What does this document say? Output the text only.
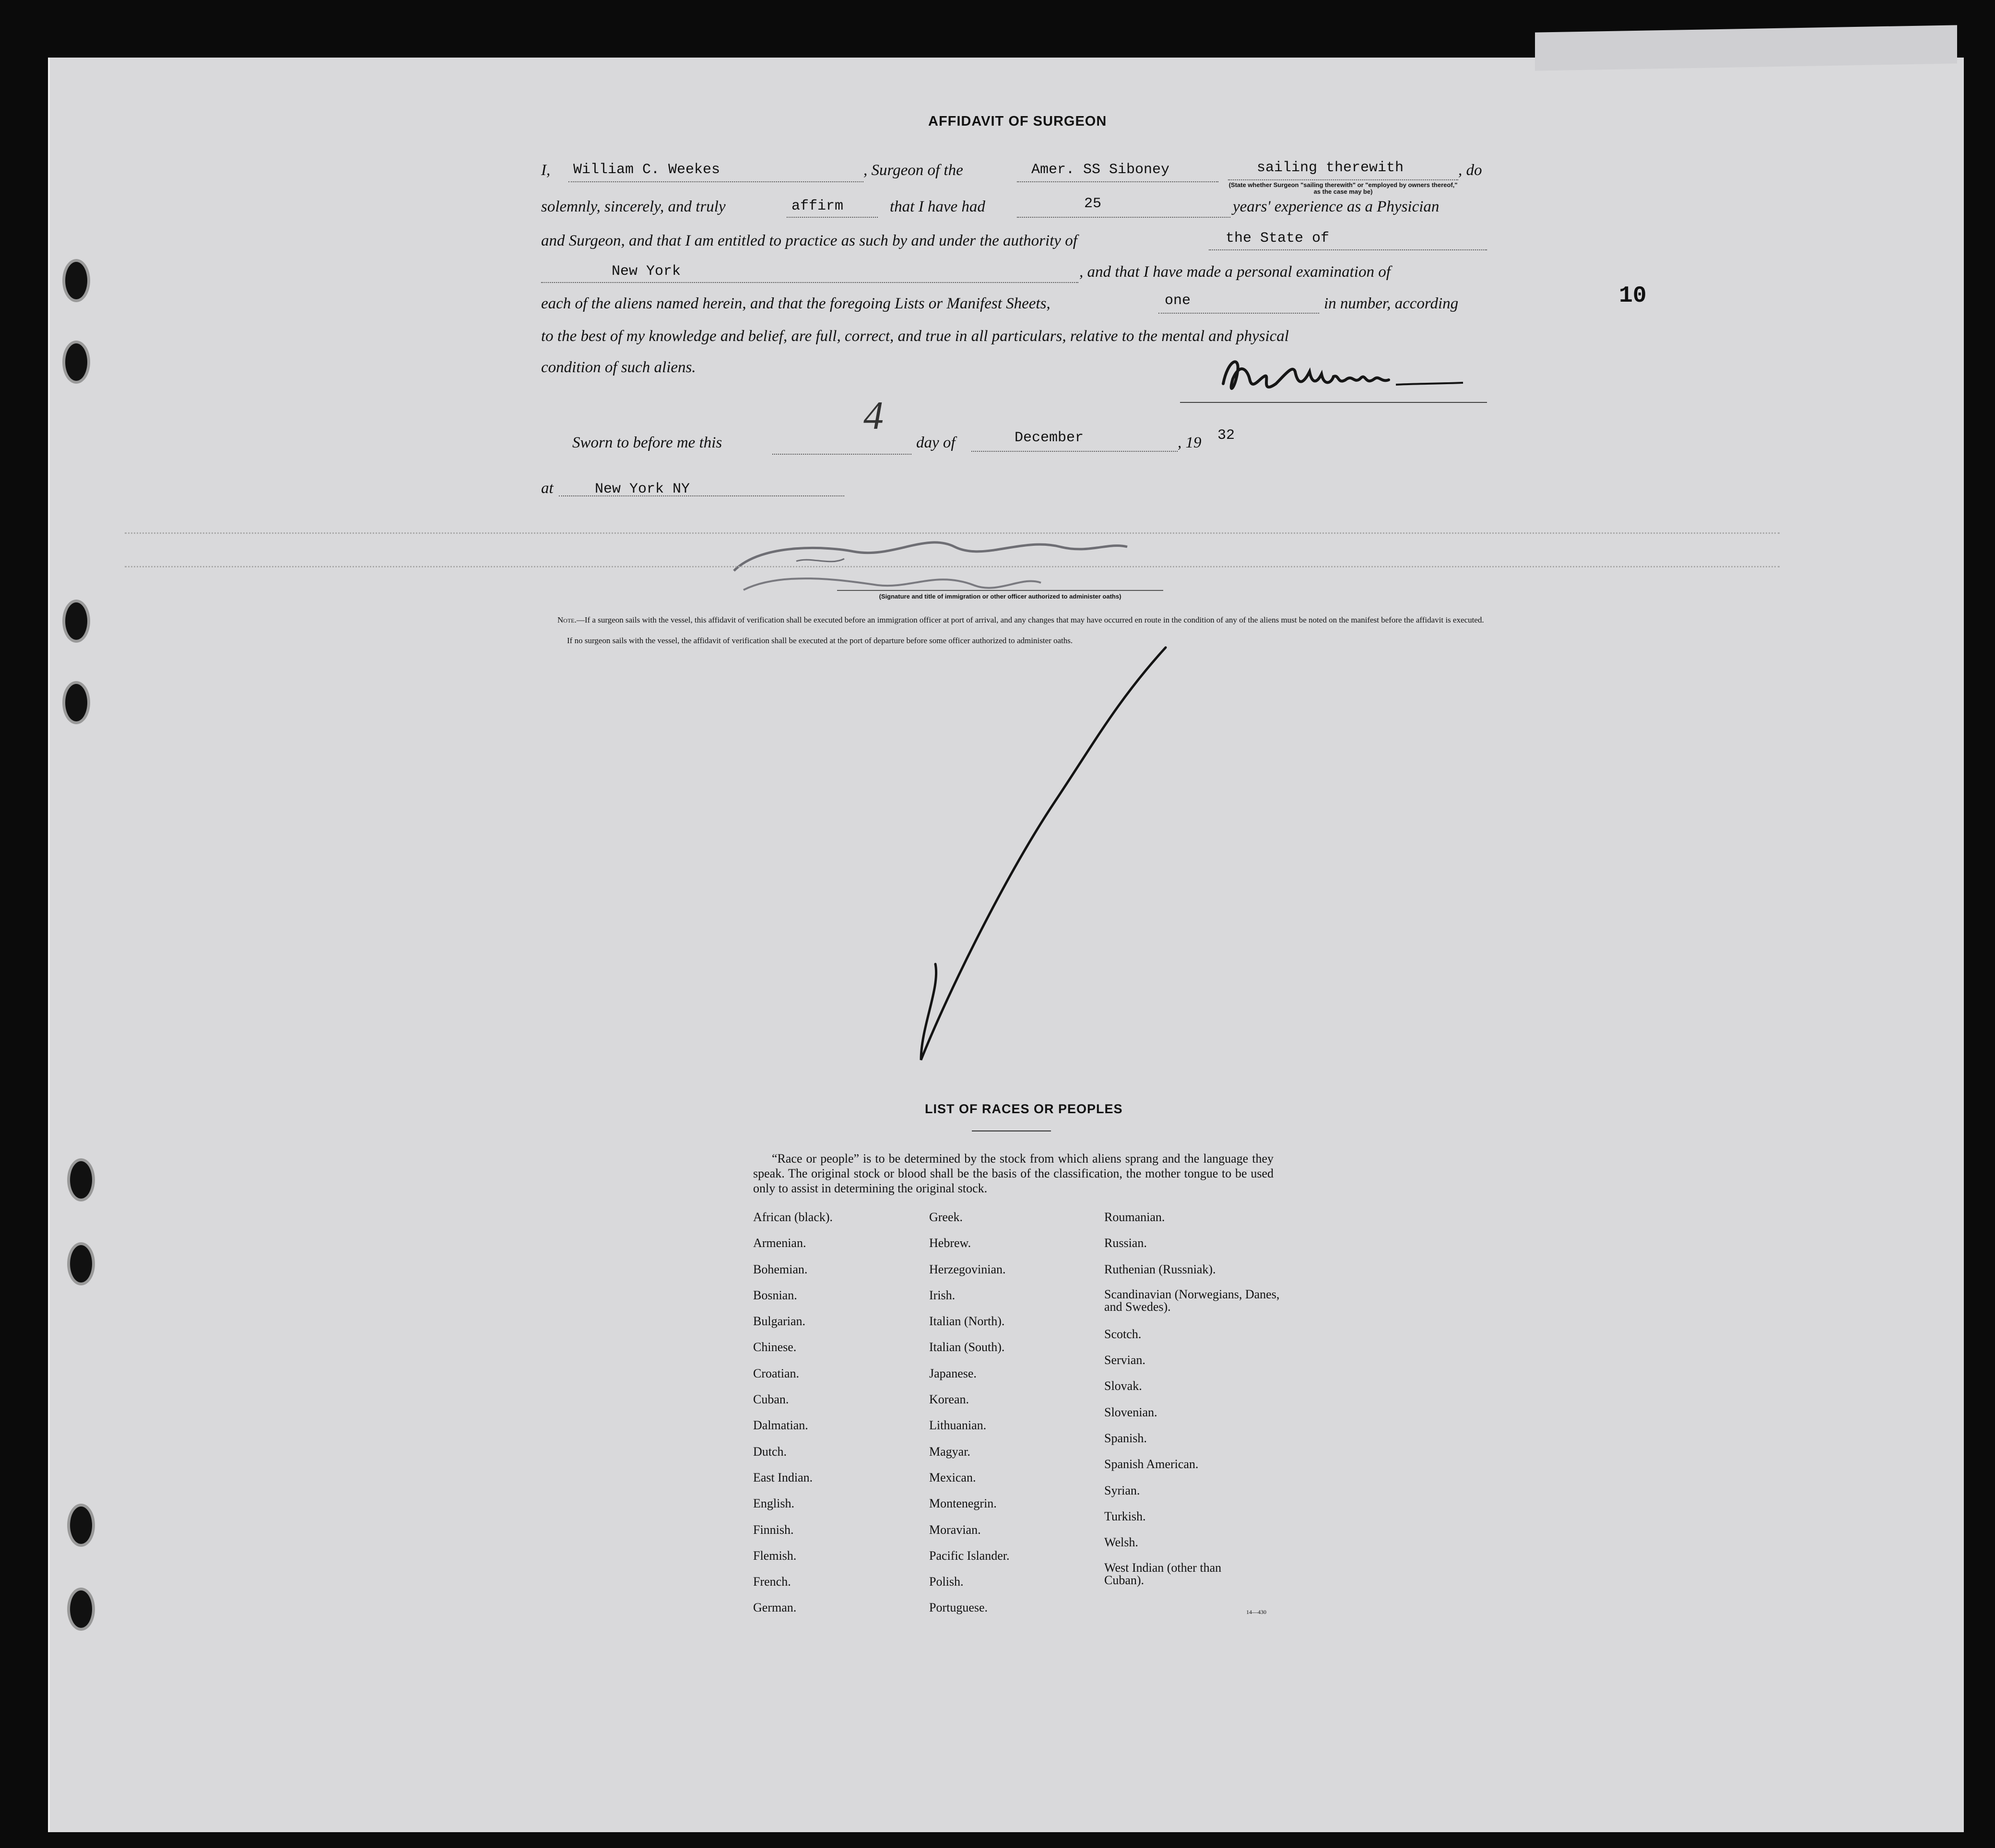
AFFIDAVIT OF SURGEON
I, William C. Weekes	, Surgeon of the	Amer. SS Siboney	sailing therewith	, do
(State whether Surgeon "sailing therewith" or "employed by owners thereof," as the case may be)
solemnly, sincerely, and truly	affirm	that I have had	25	years' experience as a Physician
and Surgeon, and that I am entitled to practice as such by and under the authority of	the State of
New York	, and that I have made a personal examination of
each of the aliens named herein, and that the foregoing Lists or Manifest Sheets,	one	in number, according
to the best of my knowledge and belief, are full, correct, and true in all particulars, relative to the mental and physical
condition of such aliens.
Sworn to before me this
4
day of	December	, 19 32
at	New York NY
(Signature and title of immigration or other officer authorized to administer oaths)
Note.—If a surgeon sails with the vessel, this affidavit of verification shall be executed before an immigration officer at port of arrival, and any changes that may have occurred en route in the condition of any of the aliens must be noted on the manifest before the affidavit is executed.
If no surgeon sails with the vessel, the affidavit of verification shall be executed at the port of departure before some officer authorized to administer oaths.
10
LIST OF RACES OR PEOPLES
“Race or people” is to be determined by the stock from which aliens sprang and the language they speak. The original stock or blood shall be the basis of the classification, the mother tongue to be used only to assist in determining the original stock.
African (black).
Armenian.
Bohemian.
Bosnian.
Bulgarian.
Chinese.
Croatian.
Cuban.
Dalmatian.
Dutch.
East Indian.
English.
Finnish.
Flemish.
French.
German.
Greek.
Hebrew.
Herzegovinian.
Irish.
Italian (North).
Italian (South).
Japanese.
Korean.
Lithuanian.
Magyar.
Mexican.
Montenegrin.
Moravian.
Pacific Islander.
Polish.
Portuguese.
Roumanian.
Russian.
Ruthenian (Russniak).
Scandinavian (Norwegians, Danes, and Swedes).
Scotch.
Servian.
Slovak.
Slovenian.
Spanish.
Spanish American.
Syrian.
Turkish.
Welsh.
West Indian (other than Cuban).
14—430
